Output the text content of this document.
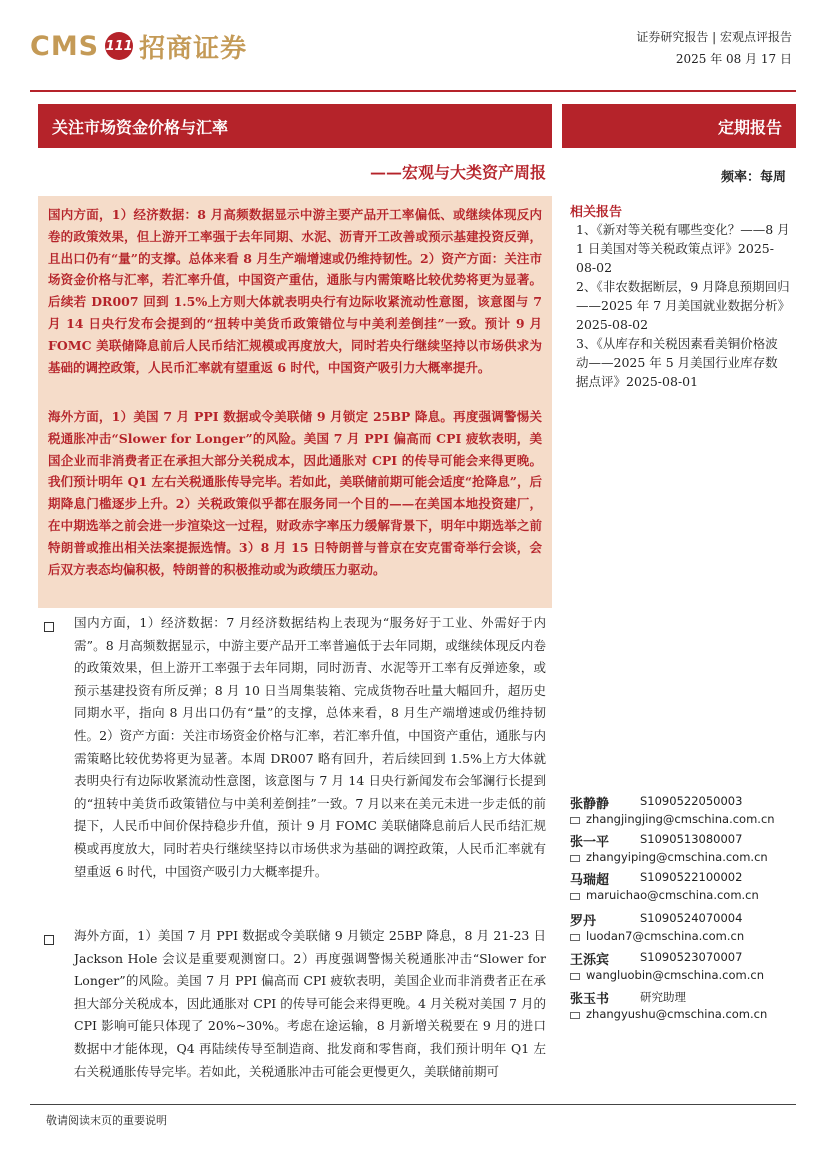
CMS 111 招商证券	证券研究报告 | 宏观点评报告
2025 年 08 月 17 日
关注市场资金价格与汇率	定期报告
——宏观与大类资产周报	频率：每周

国内方面，1）经济数据：8 月高频数据显示中游主要产品开工率偏低、或继续体现反内卷的政策效果，但上游开工率强于去年同期、水泥、沥青开工改善或预示基建投资反弹，且出口仍有“量”的支撑。总体来看 8 月生产端增速或仍维持韧性。2）资产方面：关注市场资金价格与汇率，若汇率升值，中国资产重估，通胀与内需策略比较优势将更为显著。后续若 DR007 回到 1.5%上方则大体就表明央行有边际收紧流动性意图，该意图与 7 月 14 日央行发布会提到的“扭转中美货币政策错位与中美利差倒挂”一致。预计 9 月 FOMC 美联储降息前后人民币结汇规模或再度放大，同时若央行继续坚持以市场供求为基础的调控政策，人民币汇率就有望重返 6 时代，中国资产吸引力大概率提升。

海外方面，1）美国 7 月 PPI 数据或令美联储 9 月锁定 25BP 降息。再度强调警惕关税通胀冲击“Slower for Longer”的风险。美国 7 月 PPI 偏高而 CPI 疲软表明，美国企业而非消费者正在承担大部分关税成本，因此通胀对 CPI 的传导可能会来得更晚。我们预计明年 Q1 左右关税通胀传导完毕。若如此，美联储前期可能会适度“抢降息”，后期降息门槛逐步上升。2）关税政策似乎都在服务同一个目的——在美国本地投资建厂，在中期选举之前会进一步渲染这一过程，财政赤字率压力缓解背景下，明年中期选举之前特朗普或推出相关法案提振选情。3）8 月 15 日特朗普与普京在安克雷奇举行会谈，会后双方表态均偏积极，特朗普的积极推动或为政绩压力驱动。

国内方面，1）经济数据：7 月经济数据结构上表现为“服务好于工业、外需好于内需”。8 月高频数据显示，中游主要产品开工率普遍低于去年同期，或继续体现反内卷的政策效果，但上游开工率强于去年同期，同时沥青、水泥等开工率有反弹迹象，或预示基建投资有所反弹；8 月 10 日当周集装箱、完成货物吞吐量大幅回升，超历史同期水平，指向 8 月出口仍有“量”的支撑，总体来看，8 月生产端增速或仍维持韧性。2）资产方面：关注市场资金价格与汇率，若汇率升值，中国资产重估，通胀与内需策略比较优势将更为显著。本周 DR007 略有回升，若后续回到 1.5%上方大体就表明央行有边际收紧流动性意图，该意图与 7 月 14 日央行新闻发布会邹澜行长提到的“扭转中美货币政策错位与中美利差倒挂”一致。7 月以来在美元未进一步走低的前提下，人民币中间价保持稳步升值，预计 9 月 FOMC 美联储降息前后人民币结汇规模或再度放大，同时若央行继续坚持以市场供求为基础的调控政策，人民币汇率就有望重返 6 时代，中国资产吸引力大概率提升。

海外方面，1）美国 7 月 PPI 数据或令美联储 9 月锁定 25BP 降息，8 月 21-23 日 Jackson Hole 会议是重要观测窗口。2）再度强调警惕关税通胀冲击“Slower for Longer”的风险。美国 7 月 PPI 偏高而 CPI 疲软表明，美国企业而非消费者正在承担大部分关税成本，因此通胀对 CPI 的传导可能会来得更晚。4 月关税对美国 7 月的 CPI 影响可能只体现了 20%~30%。考虑在途运输，8 月新增关税要在 9 月的进口数据中才能体现，Q4 再陆续传导至制造商、批发商和零售商，我们预计明年 Q1 左右关税通胀传导完毕。若如此，关税通胀冲击可能会更慢更久，美联储前期可

相关报告

1、《新对等关税有哪些变化？——8 月 1 日美国对等关税政策点评》2025-08-02

2、《非农数据断层，9 月降息预期回归——2025 年 7 月美国就业数据分析》2025-08-02

3、《从库存和关税因素看美铜价格波动——2025 年 5 月美国行业库存数据点评》2025-08-01

张静静	S1090522050003
zhangjingjing@cmschina.com.cn
张一平	S1090513080007
zhangyiping@cmschina.com.cn
马瑞超	S1090522100002
maruichao@cmschina.com.cn
罗丹	S1090524070004
luodan7@cmschina.com.cn
王泺宾	S1090523070007
wangluobin@cmschina.com.cn
张玉书	研究助理
zhangyushu@cmschina.com.cn
敬请阅读末页的重要说明
